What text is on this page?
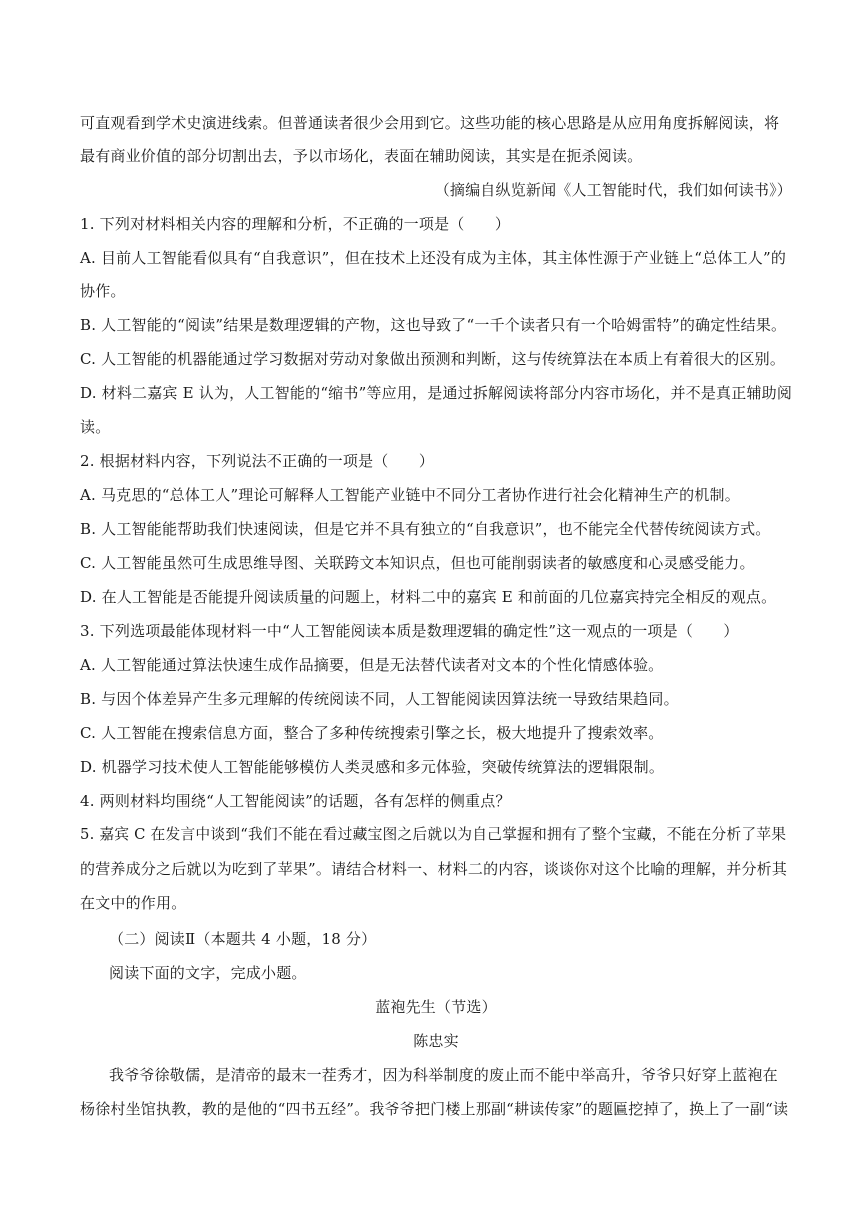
可直观看到学术史演进线索。但普通读者很少会用到它。这些功能的核心思路是从应用角度拆解阅读，将
最有商业价值的部分切割出去，予以市场化，表面在辅助阅读，其实是在扼杀阅读。
（摘编自纵览新闻《人工智能时代，我们如何读书》）
1. 下列对材料相关内容的理解和分析，不正确的一项是（　　）
A. 目前人工智能看似具有“自我意识”，但在技术上还没有成为主体，其主体性源于产业链上“总体工人”的
协作。
B. 人工智能的“阅读”结果是数理逻辑的产物，这也导致了“一千个读者只有一个哈姆雷特”的确定性结果。
C. 人工智能的机器能通过学习数据对劳动对象做出预测和判断，这与传统算法在本质上有着很大的区别。
D. 材料二嘉宾 E 认为，人工智能的“缩书”等应用，是通过拆解阅读将部分内容市场化，并不是真正辅助阅
读。
2. 根据材料内容，下列说法不正确的一项是（　　）
A. 马克思的“总体工人”理论可解释人工智能产业链中不同分工者协作进行社会化精神生产的机制。
B. 人工智能能帮助我们快速阅读，但是它并不具有独立的“自我意识”，也不能完全代替传统阅读方式。
C. 人工智能虽然可生成思维导图、关联跨文本知识点，但也可能削弱读者的敏感度和心灵感受能力。
D. 在人工智能是否能提升阅读质量的问题上，材料二中的嘉宾 E 和前面的几位嘉宾持完全相反的观点。
3. 下列选项最能体现材料一中“人工智能阅读本质是数理逻辑的确定性”这一观点的一项是（　　）
A. 人工智能通过算法快速生成作品摘要，但是无法替代读者对文本的个性化情感体验。
B. 与因个体差异产生多元理解的传统阅读不同，人工智能阅读因算法统一导致结果趋同。
C. 人工智能在搜索信息方面，整合了多种传统搜索引擎之长，极大地提升了搜索效率。
D. 机器学习技术使人工智能能够模仿人类灵感和多元体验，突破传统算法的逻辑限制。
4. 两则材料均围绕“人工智能阅读”的话题，各有怎样的侧重点？
5. 嘉宾 C 在发言中谈到“我们不能在看过藏宝图之后就以为自己掌握和拥有了整个宝藏，不能在分析了苹果
的营养成分之后就以为吃到了苹果”。请结合材料一、材料二的内容，谈谈你对这个比喻的理解，并分析其
在文中的作用。
（二）阅读Ⅱ（本题共 4 小题，18 分）
阅读下面的文字，完成小题。
蓝袍先生（节选）
陈忠实
我爷爷徐敬儒，是清帝的最末一茬秀才，因为科举制度的废止而不能中举高升，爷爷只好穿上蓝袍在
杨徐村坐馆执教，教的是他的“四书五经”。我爷爷把门楼上那副“耕读传家”的题匾挖掉了，换上了一副“读
